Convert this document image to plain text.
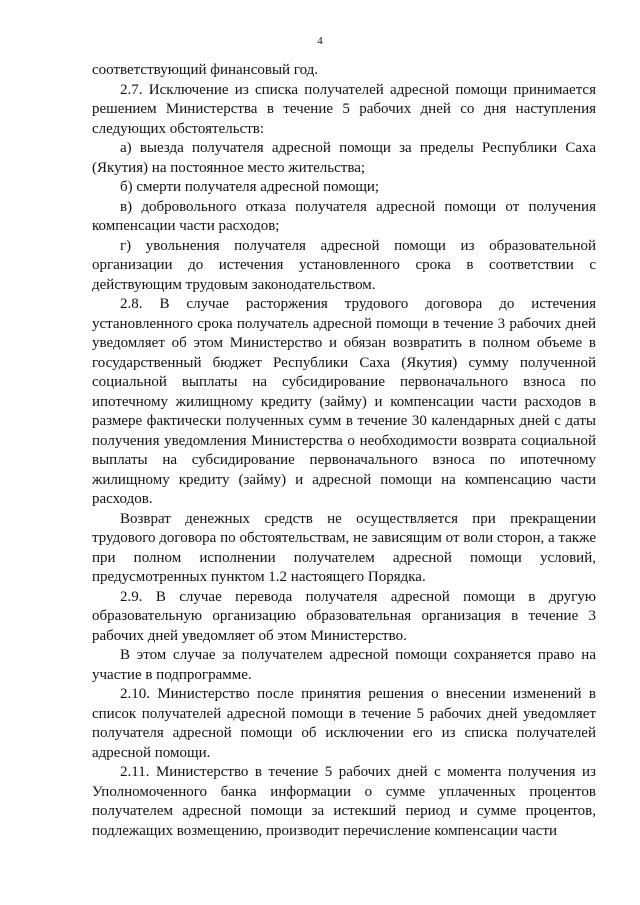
4

соответствующий финансовый год.

2.7. Исключение из списка получателей адресной помощи принимается решением Министерства в течение 5 рабочих дней со дня наступления следующих обстоятельств:

а) выезда получателя адресной помощи за пределы Республики Саха (Якутия) на постоянное место жительства;

б) смерти получателя адресной помощи;

в) добровольного отказа получателя адресной помощи от получения компенсации части расходов;

г) увольнения получателя адресной помощи из образовательной организации до истечения установленного срока в соответствии с действующим трудовым законодательством.

2.8. В случае расторжения трудового договора до истечения установленного срока получатель адресной помощи в течение 3 рабочих дней уведомляет об этом Министерство и обязан возвратить в полном объеме в государственный бюджет Республики Саха (Якутия) сумму полученной социальной выплаты на субсидирование первоначального взноса по ипотечному жилищному кредиту (займу) и компенсации части расходов в размере фактически полученных сумм в течение 30 календарных дней с даты получения уведомления Министерства о необходимости возврата социальной выплаты на субсидирование первоначального взноса по ипотечному жилищному кредиту (займу) и адресной помощи на компенсацию части расходов.

Возврат денежных средств не осуществляется при прекращении трудового договора по обстоятельствам, не зависящим от воли сторон, а также при полном исполнении получателем адресной помощи условий, предусмотренных пунктом 1.2 настоящего Порядка.

2.9. В случае перевода получателя адресной помощи в другую образовательную организацию образовательная организация в течение 3 рабочих дней уведомляет об этом Министерство.

В этом случае за получателем адресной помощи сохраняется право на участие в подпрограмме.

2.10. Министерство после принятия решения о внесении изменений в список получателей адресной помощи в течение 5 рабочих дней уведомляет получателя адресной помощи об исключении его из списка получателей адресной помощи.

2.11. Министерство в течение 5 рабочих дней с момента получения из Уполномоченного банка информации о сумме уплаченных процентов получателем адресной помощи за истекший период и сумме процентов, подлежащих возмещению, производит перечисление компенсации части
